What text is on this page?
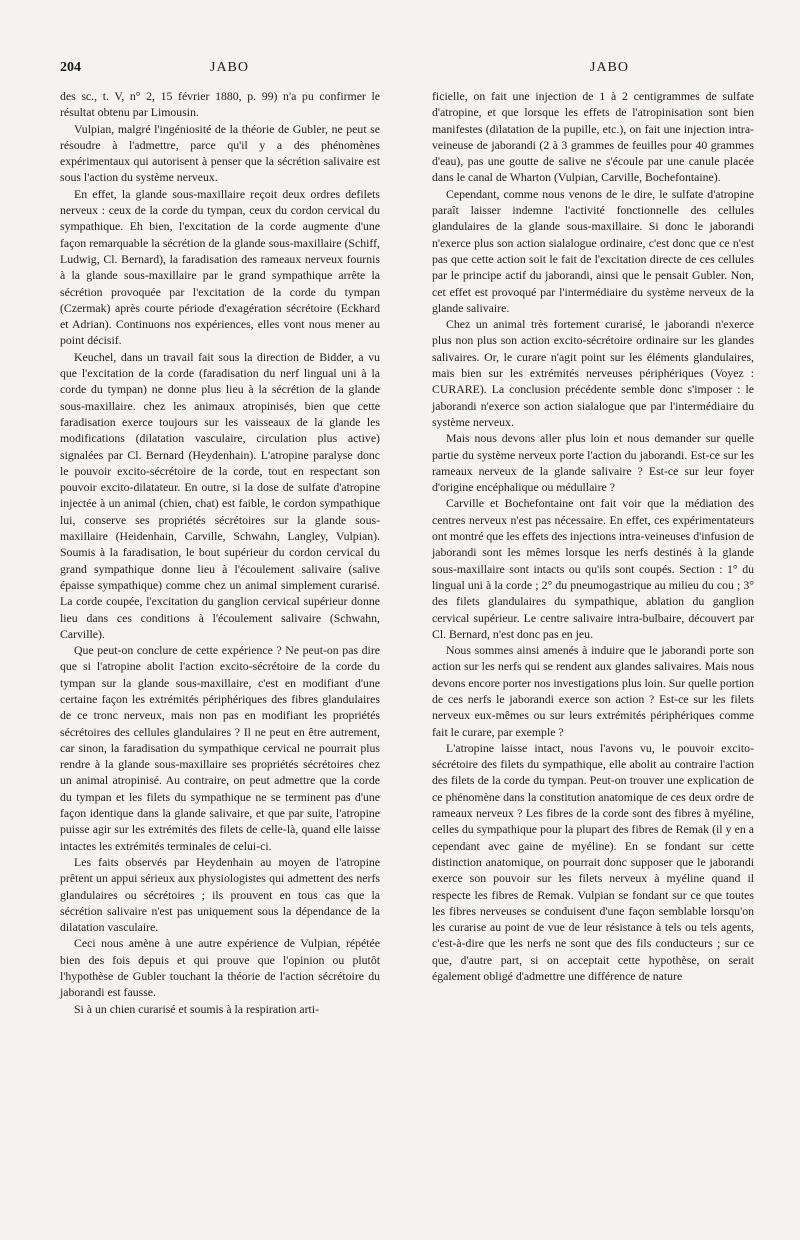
204	JABO	JABO

des sc., t. V, n° 2, 15 février 1880, p. 99) n'a pu confirmer le résultat obtenu par Limousin.

Vulpian, malgré l'ingéniosité de la théorie de Gubler, ne peut se résoudre à l'admettre, parce qu'il y a des phénomènes expérimentaux qui autorisent à penser que la sécrétion salivaire est sous l'action du système nerveux.

En effet, la glande sous-maxillaire reçoit deux ordres defilets nerveux : ceux de la corde du tympan, ceux du cordon cervical du sympathique. Eh bien, l'excitation de la corde augmente d'une façon remarquable la sécrétion de la glande sous-maxillaire (Schiff, Ludwig, Cl. Bernard), la faradisation des rameaux nerveux fournis à la glande sous-maxillaire par le grand sympathique arrête la sécrétion provoquée par l'excitation de la corde du tympan (Czermak) après courte période d'exagération sécrétoire (Eckhard et Adrian). Continuons nos expériences, elles vont nous mener au point décisif.

Keuchel, dans un travail fait sous la direction de Bidder, a vu que l'excitation de la corde (faradisation du nerf lingual uni à la corde du tympan) ne donne plus lieu à la sécrétion de la glande sous-maxillaire. chez les animaux atropinisés, bien que cette faradisation exerce toujours sur les vaisseaux de la glande les modifications (dilatation vasculaire, circulation plus active) signalées par Cl. Bernard (Heydenhain). L'atropine paralyse donc le pouvoir excito-sécrétoire de la corde, tout en respectant son pouvoir excito-dilatateur. En outre, si la dose de sulfate d'atropine injectée à un animal (chien, chat) est faible, le cordon sympathique lui, conserve ses propriétés sécrétoires sur la glande sous-maxillaire (Heidenhain, Carville, Schwahn, Langley, Vulpian). Soumis à la faradisation, le bout supérieur du cordon cervical du grand sympathique donne lieu à l'écoulement salivaire (salive épaisse sympathique) comme chez un animal simplement curarisé. La corde coupée, l'excitation du ganglion cervical supérieur donne lieu dans ces conditions à l'écoulement salivaire (Schwahn, Carville).

Que peut-on conclure de cette expérience ? Ne peut-on pas dire que si l'atropine abolit l'action excito-sécrétoire de la corde du tympan sur la glande sous-maxillaire, c'est en modifiant d'une certaine façon les extrémités périphériques des fibres glandulaires de ce tronc nerveux, mais non pas en modifiant les propriétés sécrétoires des cellules glandulaires ? Il ne peut en être autrement, car sinon, la faradisation du sympathique cervical ne pourrait plus rendre à la glande sous-maxillaire ses propriétés sécrétoires chez un animal atropinisé. Au contraire, on peut admettre que la corde du tympan et les filets du sympathique ne se terminent pas d'une façon identique dans la glande salivaire, et que par suite, l'atropine puisse agir sur les extrémités des filets de celle-là, quand elle laisse intactes les extrémités terminales de celui-ci.

Les faits observés par Heydenhain au moyen de l'atropine prêtent un appui sérieux aux physiologistes qui admettent des nerfs glandulaires ou sécrétoires ; ils prouvent en tous cas que la sécrétion salivaire n'est pas uniquement sous la dépendance de la dilatation vasculaire.

Ceci nous amène à une autre expérience de Vulpian, répétée bien des fois depuis et qui prouve que l'opinion ou plutôt l'hypothèse de Gubler touchant la théorie de l'action sécrétoire du jaborandi est fausse.

Si à un chien curarisé et soumis à la respiration arti-

ficielle, on fait une injection de 1 à 2 centigrammes de sulfate d'atropine, et que lorsque les effets de l'atropinisation sont bien manifestes (dilatation de la pupille, etc.), on fait une injection intra-veineuse de jaborandi (2 à 3 grammes de feuilles pour 40 grammes d'eau), pas une goutte de salive ne s'écoule par une canule placée dans le canal de Wharton (Vulpian, Carville, Bochefontaine).

Cependant, comme nous venons de le dire, le sulfate d'atropine paraît laisser indemne l'activité fonctionnelle des cellules glandulaires de la glande sous-maxillaire. Si donc le jaborandi n'exerce plus son action sialalogue ordinaire, c'est donc que ce n'est pas que cette action soit le fait de l'excitation directe de ces cellules par le principe actif du jaborandi, ainsi que le pensait Gubler. Non, cet effet est provoqué par l'intermédiaire du système nerveux de la glande salivaire.

Chez un animal très fortement curarisé, le jaborandi n'exerce plus non plus son action excito-sécrétoire ordinaire sur les glandes salivaires. Or, le curare n'agit point sur les éléments glandulaires, mais bien sur les extrémités nerveuses périphériques (Voyez : CURARE). La conclusion précédente semble donc s'imposer : le jaborandi n'exerce son action sialalogue que par l'intermédiaire du système nerveux.

Mais nous devons aller plus loin et nous demander sur quelle partie du système nerveux porte l'action du jaborandi. Est-ce sur les rameaux nerveux de la glande salivaire ? Est-ce sur leur foyer d'origine encéphalique ou médullaire ?

Carville et Bochefontaine ont fait voir que la médiation des centres nerveux n'est pas nécessaire. En effet, ces expérimentateurs ont montré que les effets des injections intra-veineuses d'infusion de jaborandi sont les mêmes lorsque les nerfs destinés à la glande sous-maxillaire sont intacts ou qu'ils sont coupés. Section : 1° du lingual uni à la corde ; 2° du pneumogastrique au milieu du cou ; 3° des filets glandulaires du sympathique, ablation du ganglion cervical supérieur. Le centre salivaire intra-bulbaire, découvert par Cl. Bernard, n'est donc pas en jeu.

Nous sommes ainsi amenés à induire que le jaborandi porte son action sur les nerfs qui se rendent aux glandes salivaires. Mais nous devons encore porter nos investigations plus loin. Sur quelle portion de ces nerfs le jaborandi exerce son action ? Est-ce sur les filets nerveux eux-mêmes ou sur leurs extrémités périphériques comme fait le curare, par exemple ?

L'atropine laisse intact, nous l'avons vu, le pouvoir excito-sécrétoire des filets du sympathique, elle abolit au contraire l'action des filets de la corde du tympan. Peut-on trouver une explication de ce phénomène dans la constitution anatomique de ces deux ordre de rameaux nerveux ? Les fibres de la corde sont des fibres à myéline, celles du sympathique pour la plupart des fibres de Remak (il y en a cependant avec gaine de myéline). En se fondant sur cette distinction anatomique, on pourrait donc supposer que le jaborandi exerce son pouvoir sur les filets nerveux à myéline quand il respecte les fibres de Remak. Vulpian se fondant sur ce que toutes les fibres nerveuses se conduisent d'une façon semblable lorsqu'on les curarise au point de vue de leur résistance à tels ou tels agents, c'est-à-dire que les nerfs ne sont que des fils conducteurs ; sur ce que, d'autre part, si on acceptait cette hypothèse, on serait également obligé d'admettre une différence de nature
